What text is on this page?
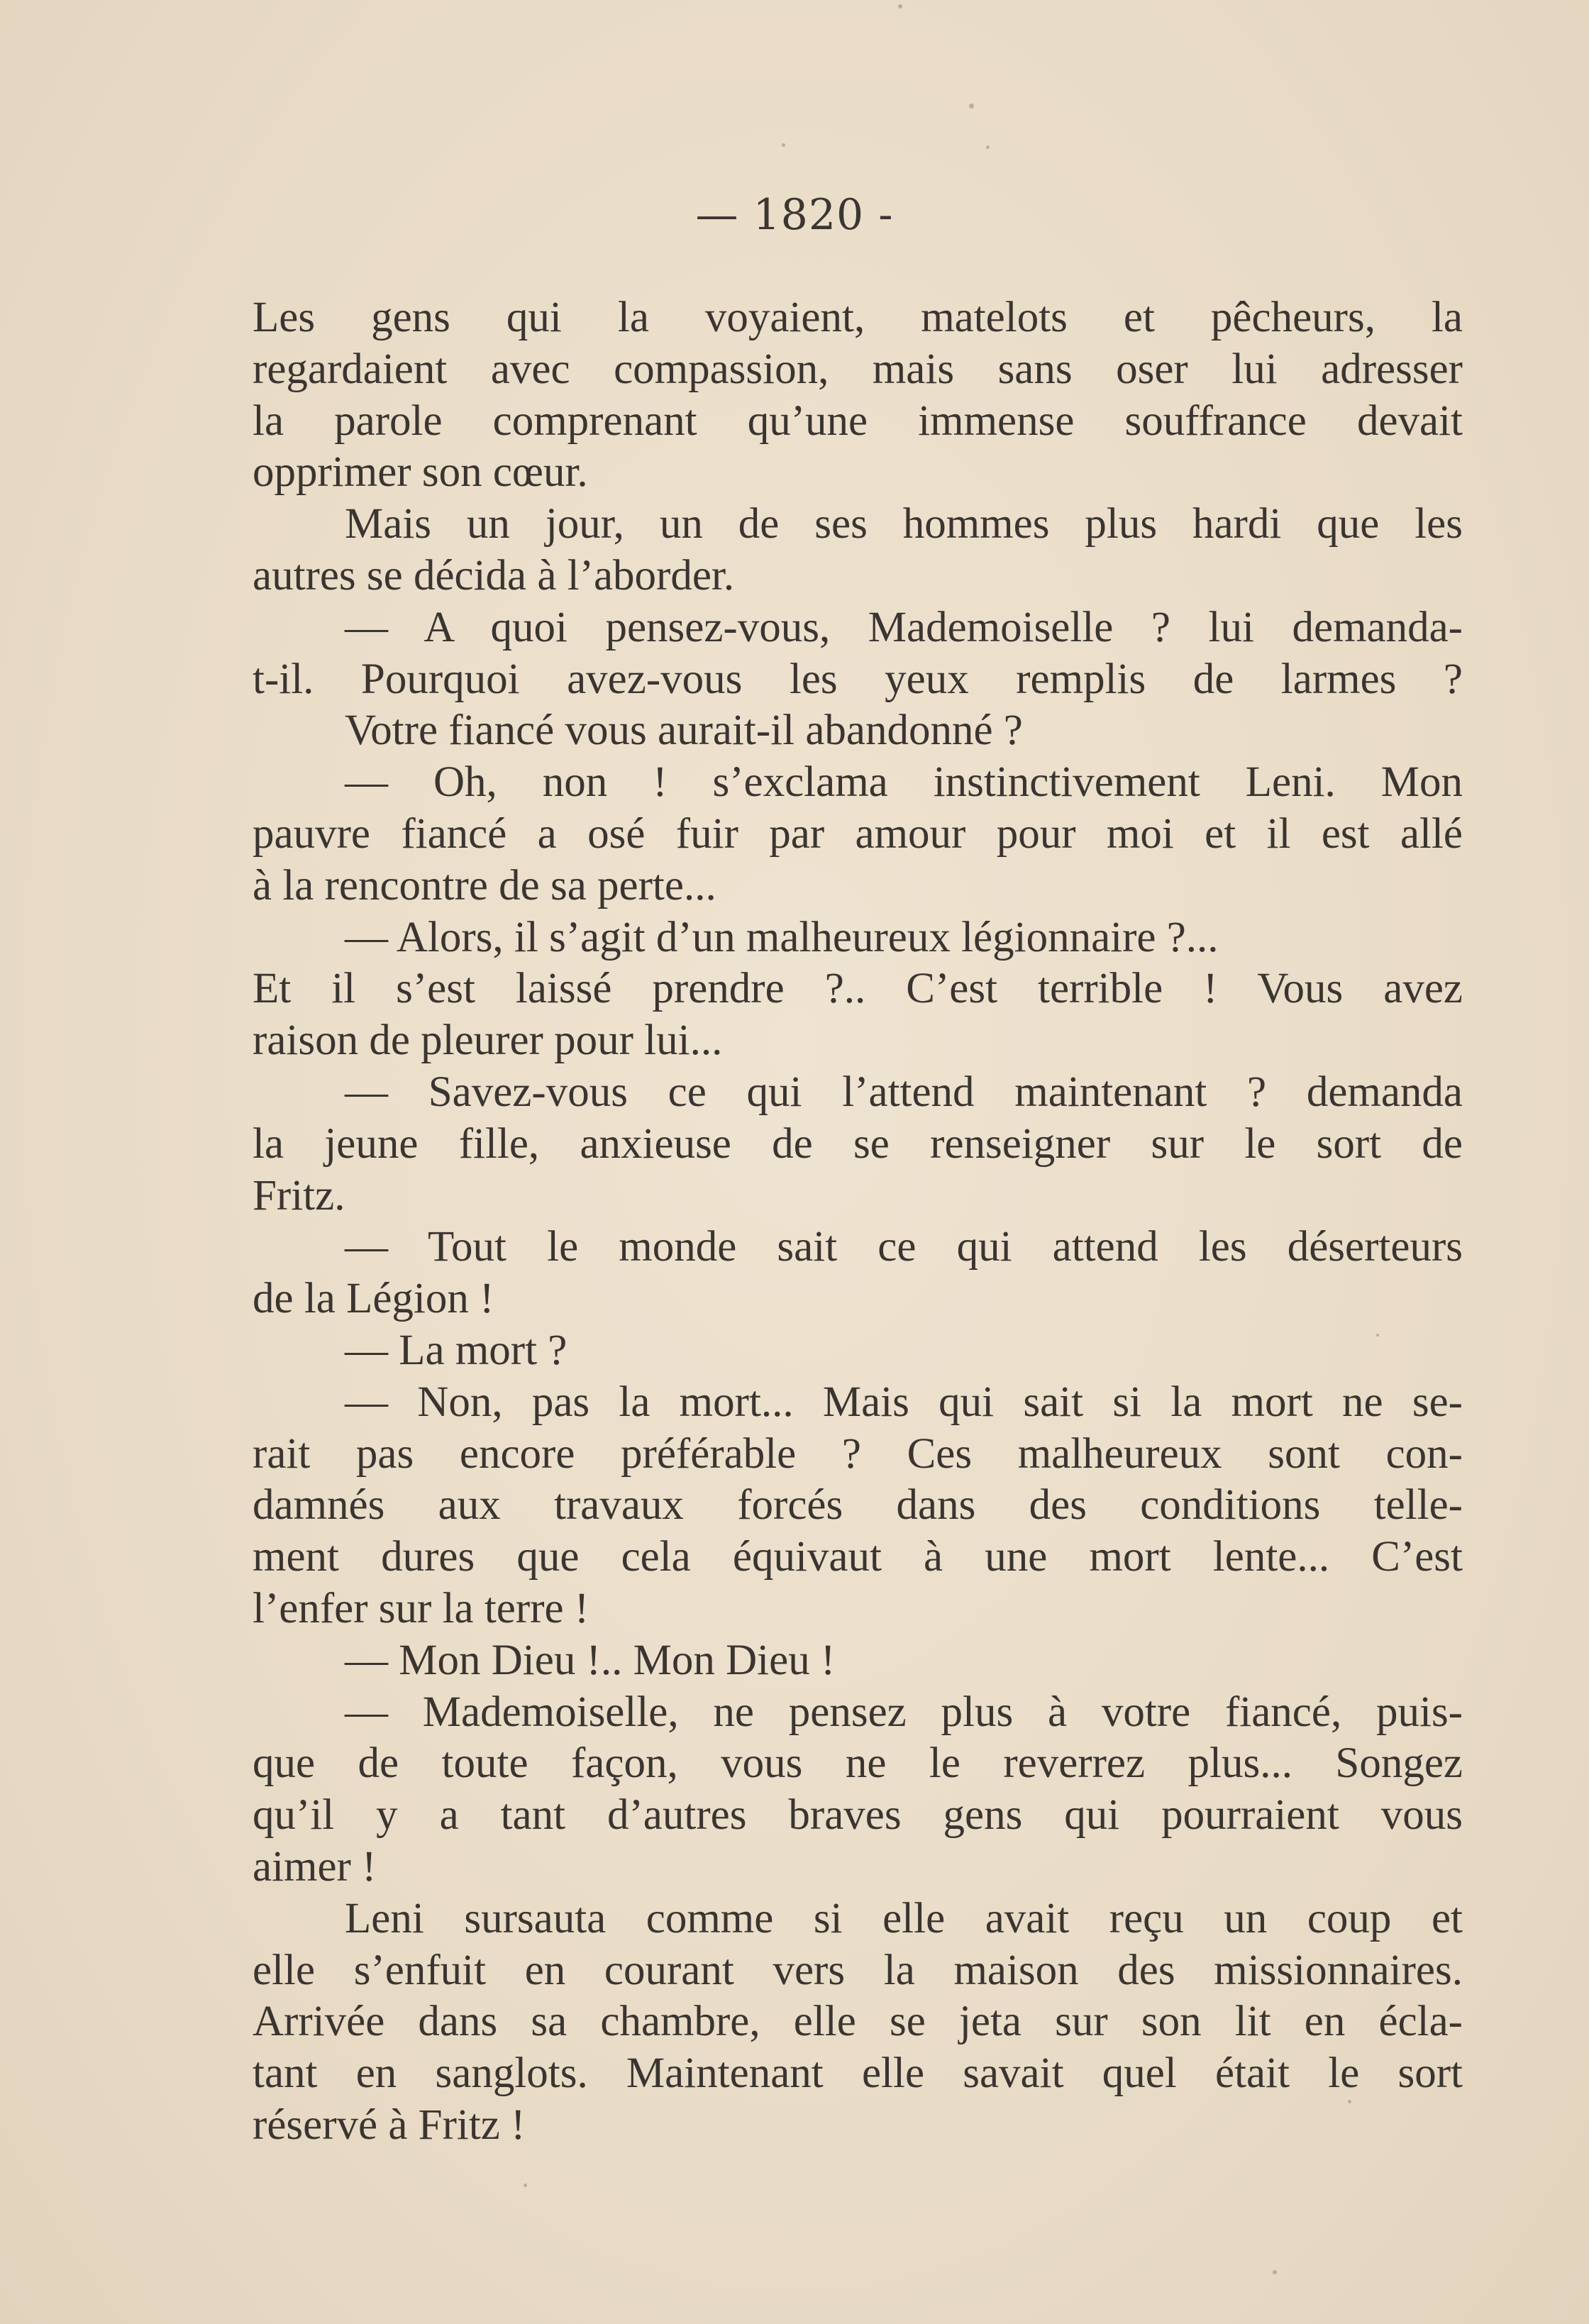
— 1820 -
Les gens qui la voyaient, matelots et pêcheurs, la
regardaient avec compassion, mais sans oser lui adresser
la parole comprenant qu’une immense souffrance devait
opprimer son cœur.
Mais un jour, un de ses hommes plus hardi que les
autres se décida à l’aborder.
— A quoi pensez-vous, Mademoiselle ? lui demanda-
t-il. Pourquoi avez-vous les yeux remplis de larmes ?
Votre fiancé vous aurait-il abandonné ?
— Oh, non ! s’exclama instinctivement Leni. Mon
pauvre fiancé a osé fuir par amour pour moi et il est allé
à la rencontre de sa perte...
— Alors, il s’agit d’un malheureux légionnaire ?...
Et il s’est laissé prendre ?.. C’est terrible ! Vous avez
raison de pleurer pour lui...
— Savez-vous ce qui l’attend maintenant ? demanda
la jeune fille, anxieuse de se renseigner sur le sort de
Fritz.
— Tout le monde sait ce qui attend les déserteurs
de la Légion !
— La mort ?
— Non, pas la mort... Mais qui sait si la mort ne se-
rait pas encore préférable ? Ces malheureux sont con-
damnés aux travaux forcés dans des conditions telle-
ment dures que cela équivaut à une mort lente... C’est
l’enfer sur la terre !
— Mon Dieu !.. Mon Dieu !
— Mademoiselle, ne pensez plus à votre fiancé, puis-
que de toute façon, vous ne le reverrez plus... Songez
qu’il y a tant d’autres braves gens qui pourraient vous
aimer !
Leni sursauta comme si elle avait reçu un coup et
elle s’enfuit en courant vers la maison des missionnaires.
Arrivée dans sa chambre, elle se jeta sur son lit en écla-
tant en sanglots. Maintenant elle savait quel était le sort
réservé à Fritz !
